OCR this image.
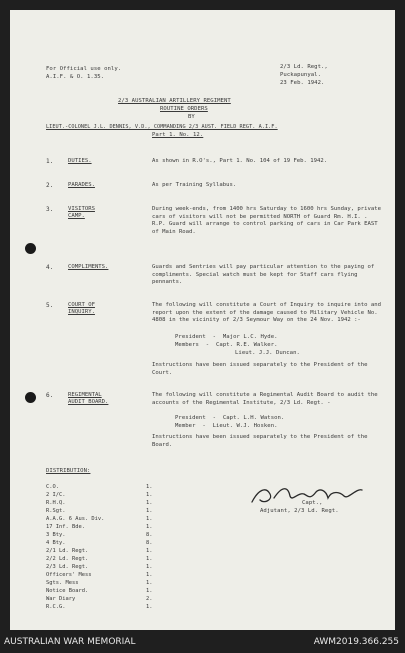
For Official use only.
A.I.F. & O. 1.35.
2/3 Ld. Regt.,
Puckapunyal.
23 Feb. 1942.
2/3 AUSTRALIAN ARTILLERY REGIMENT
ROUTINE ORDERS
BY
LIEUT.-COLONEL J.L. DENNIS, V.D., COMMANDING 2/3 AUST. FIELD REGT. A.I.F.
Part 1. No. 12.
1.	DUTIES.	As shown in R.O's., Part 1. No. 104 of 19 Feb. 1942.
2.	PARADES.	As per Training Syllabus.
3.	VISITORS
CAMP.
During week-ends, from 1400 hrs Saturday to 1600 hrs Sunday, private cars of visitors will not be permitted NORTH of Guard Rm. H.I. . R.P. Guard will arrange to control parking of cars in Car Park EAST of Main Road.
4.	COMPLIMENTS.	Guards and Sentries will pay particular attention to the paying of compliments. Special watch must be kept for Staff cars flying pennants.
5.	COURT OF
INQUIRY.
The following will constitute a Court of Inquiry to inquire into and report upon the extent of the damage caused to Military Vehicle No. 4808 in the vicinity of 2/3 Seymour Way on the 24 Nov. 1942 :-
President  -  Major L.C. Hyde.
Members  -  Capt. R.E. Walker.
Lieut. J.J. Duncan.
Instructions have been issued separately to the President of the Court.
6.	REGIMENTAL
AUDIT BOARD.
The following will constitute a Regimental Audit Board to audit the accounts of the Regimental Institute, 2/3 Ld. Regt. -
President  -  Capt. L.H. Watson.
Member  -  Lieut. W.J. Hosken.
Instructions have been issued separately to the President of the Board.
Capt.,
Adjutant, 2/3 Ld. Regt.
DISTRIBUTION:
C.O.	1.
2 I/C.	1.
R.H.Q.	1.
R.Sgt.	1.
A.A.G. 6 Aus. Div.	1.
17 Inf. Bde.	1.
3 Bty.	8.
4 Bty.	8.
2/1 Ld. Regt.	1.
2/2 Ld. Regt.	1.
2/3 Ld. Regt.	1.
Officers' Mess	1.
Sgts. Mess	1.
Notice Board.	1.
War Diary	2.
R.C.G.	1.
AUSTRALIAN WAR MEMORIAL	AWM2019.366.255
